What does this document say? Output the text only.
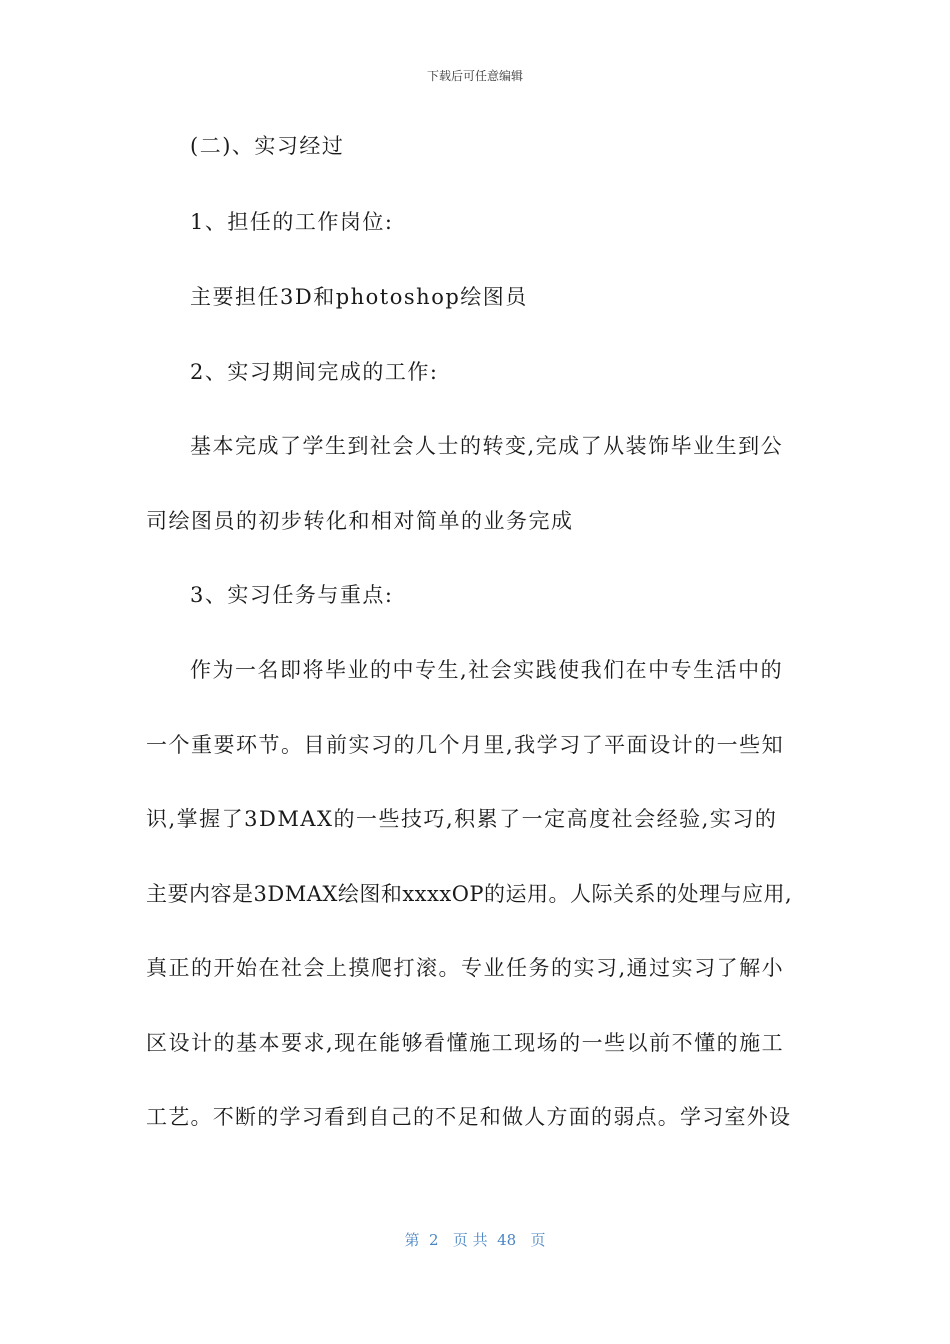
下载后可任意编辑
(二)、实习经过
1、担任的工作岗位:
主要担任3D和photoshop绘图员
2、实习期间完成的工作:
基本完成了学生到社会人士的转变,完成了从装饰毕业生到公
司绘图员的初步转化和相对简单的业务完成
3、实习任务与重点:
作为一名即将毕业的中专生,社会实践使我们在中专生活中的
一个重要环节。目前实习的几个月里,我学习了平面设计的一些知
识,掌握了3DMAX的一些技巧,积累了一定高度社会经验,实习的
主要内容是3DMAX绘图和xxxxOP的运用。人际关系的处理与应用,
真正的开始在社会上摸爬打滚。专业任务的实习,通过实习了解小
区设计的基本要求,现在能够看懂施工现场的一些以前不懂的施工
工艺。不断的学习看到自己的不足和做人方面的弱点。学习室外设
第  2   页 共  48   页
